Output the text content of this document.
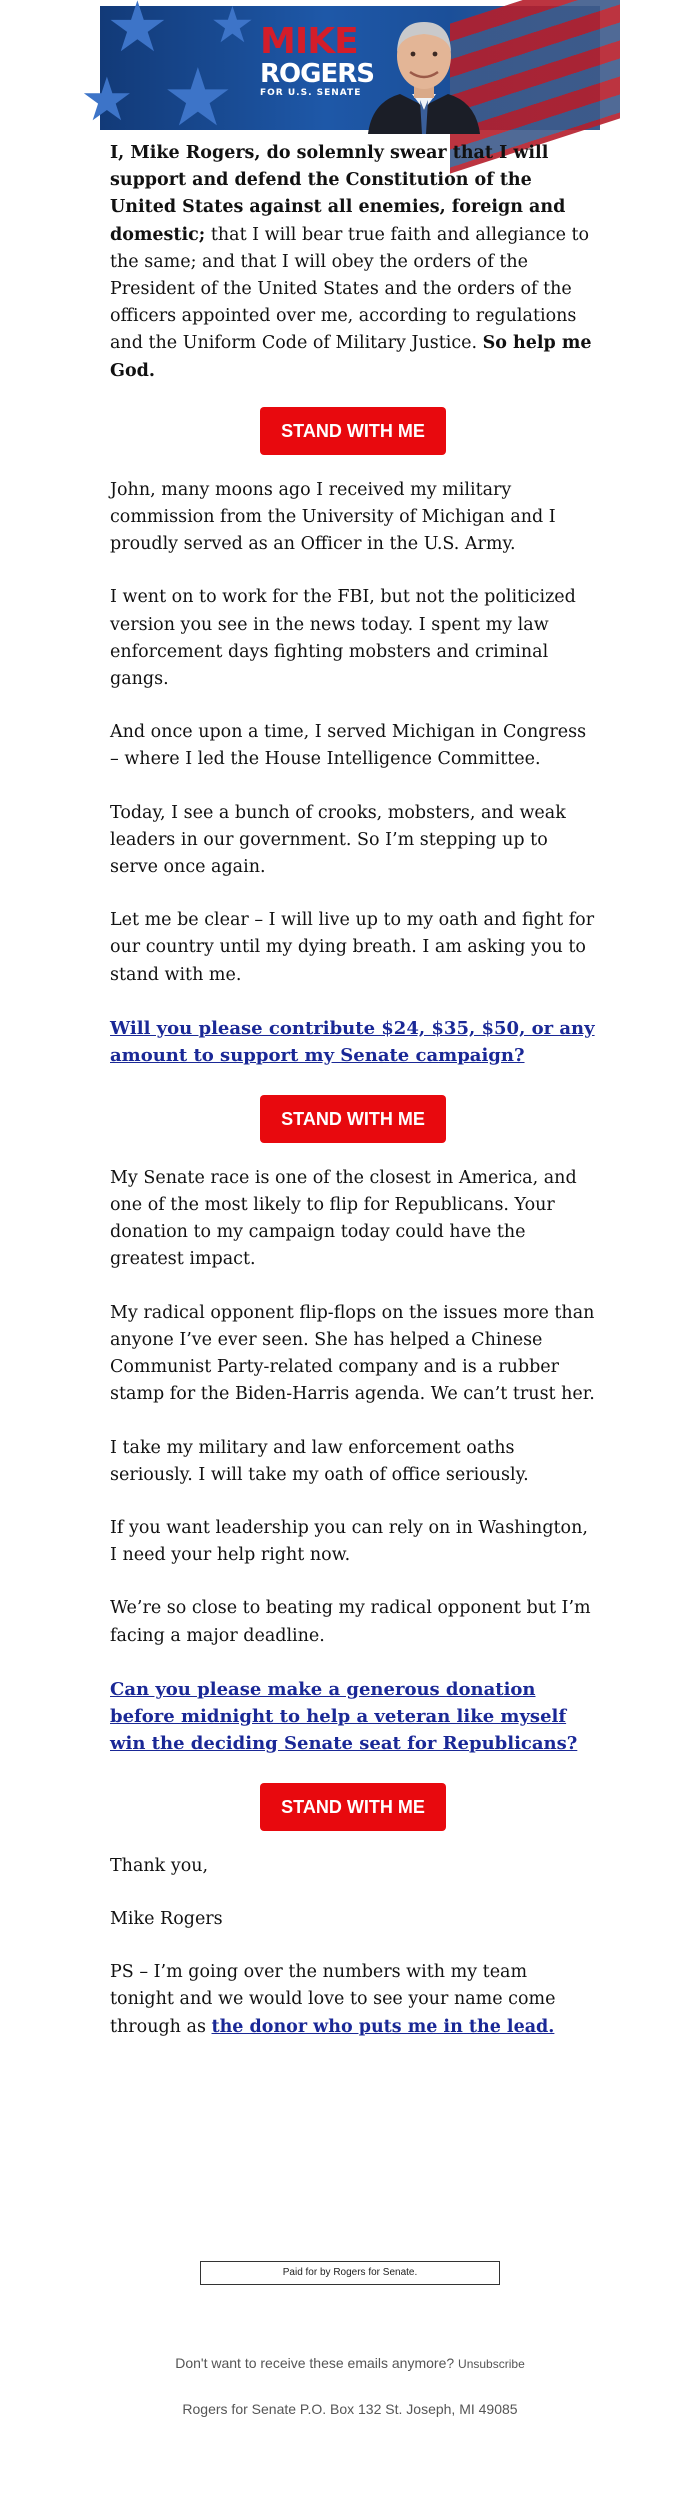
★
★
★
★ MIKE
ROGERS
FOR U.S. SENATE

I, Mike Rogers, do solemnly swear that I will support and defend the Constitution of the United States against all enemies, foreign and domestic; that I will bear true faith and allegiance to the same; and that I will obey the orders of the President of the United States and the orders of the officers appointed over me, according to regulations and the Uniform Code of Military Justice. So help me God.

STAND WITH ME

John, many moons ago I received my military commission from the University of Michigan and I proudly served as an Officer in the U.S. Army.

I went on to work for the FBI, but not the politicized version you see in the news today. I spent my law enforcement days fighting mobsters and criminal gangs.

And once upon a time, I served Michigan in Congress – where I led the House Intelligence Committee.

Today, I see a bunch of crooks, mobsters, and weak leaders in our government. So I’m stepping up to serve once again.

Let me be clear – I will live up to my oath and fight for our country until my dying breath. I am asking you to stand with me.

Will you please contribute $24, $35, $50, or any amount to support my Senate campaign?

STAND WITH ME

My Senate race is one of the closest in America, and one of the most likely to flip for Republicans. Your donation to my campaign today could have the greatest impact.

My radical opponent flip-flops on the issues more than anyone I’ve ever seen. She has helped a Chinese Communist Party-related company and is a rubber stamp for the Biden-Harris agenda. We can’t trust her.

I take my military and law enforcement oaths seriously. I will take my oath of office seriously.

If you want leadership you can rely on in Washington, I need your help right now.

We’re so close to beating my radical opponent but I’m facing a major deadline.

Can you please make a generous donation before midnight to help a veteran like myself win the deciding Senate seat for Republicans?

STAND WITH ME

Thank you,

Mike Rogers

PS – I’m going over the numbers with my team tonight and we would love to see your name come through as the donor who puts me in the lead.

Paid for by Rogers for Senate.
Don't want to receive these emails anymore? Unsubscribe
Rogers for Senate P.O. Box 132 St. Joseph, MI 49085
